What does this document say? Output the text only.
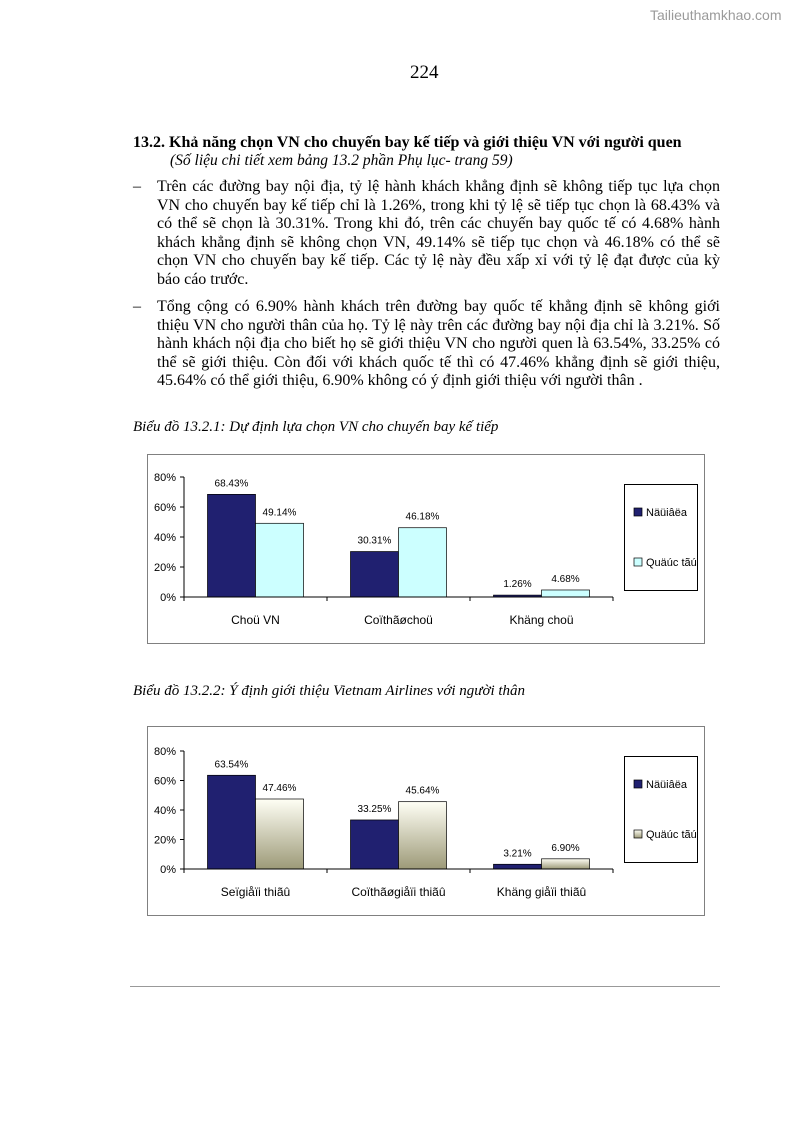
Tailieuthamkhao.com
224
13.2. Khả năng chọn VN cho chuyến bay kế tiếp và giới thiệu VN với người quen
(Số liệu chi tiết xem bảng 13.2 phần Phụ lục- trang 59)
– Trên các đường bay nội địa, tỷ lệ hành khách khẳng định sẽ không tiếp tục lựa chọn
VN cho chuyến bay kế tiếp chỉ là 1.26%, trong khi tỷ lệ sẽ tiếp tục chọn là 68.43% và
có thể sẽ chọn là 30.31%. Trong khi đó, trên các chuyến bay quốc tế có 4.68% hành
khách khẳng định sẽ không chọn VN, 49.14% sẽ tiếp tục chọn và 46.18% có thể sẽ
chọn VN cho chuyến bay kế tiếp. Các tỷ lệ này đều xấp xỉ với tỷ lệ đạt được của kỳ
báo cáo trước.
– Tổng cộng có 6.90% hành khách trên đường bay quốc tế khẳng định sẽ không giới
thiệu VN cho người thân của họ. Tỷ lệ này trên các đường bay nội địa chỉ là 3.21%. Số
hành khách nội địa cho biết họ sẽ giới thiệu VN cho người quen là 63.54%, 33.25% có
thể sẽ giới thiệu. Còn đối với khách quốc tế thì có 47.46% khẳng định sẽ giới thiệu,
45.64% có thể giới thiệu, 6.90% không có ý định giới thiệu với người thân .
Biểu đồ 13.2.1: Dự định lựa chọn VN cho chuyến bay kế tiếp
0%
20%
40%
60%
80%	68.43%
49.14%
Choü VN
30.31%
46.18%
Coïthãøchoü
1.26% 4.68%
Khäng choü
Näüiâëa
Quäúc tãú
Biểu đồ 13.2.2: Ý định giới thiệu Vietnam Airlines với người thân
0%
20%
40%
60%
80%
63.54%
47.46%
Seïgiåïi thiãû
33.25%
45.64%
Coïthãøgiåïi thiãû
3.21% 6.90%
Khäng giåïi thiãû
Näüiâëa
Quäúc tãú
